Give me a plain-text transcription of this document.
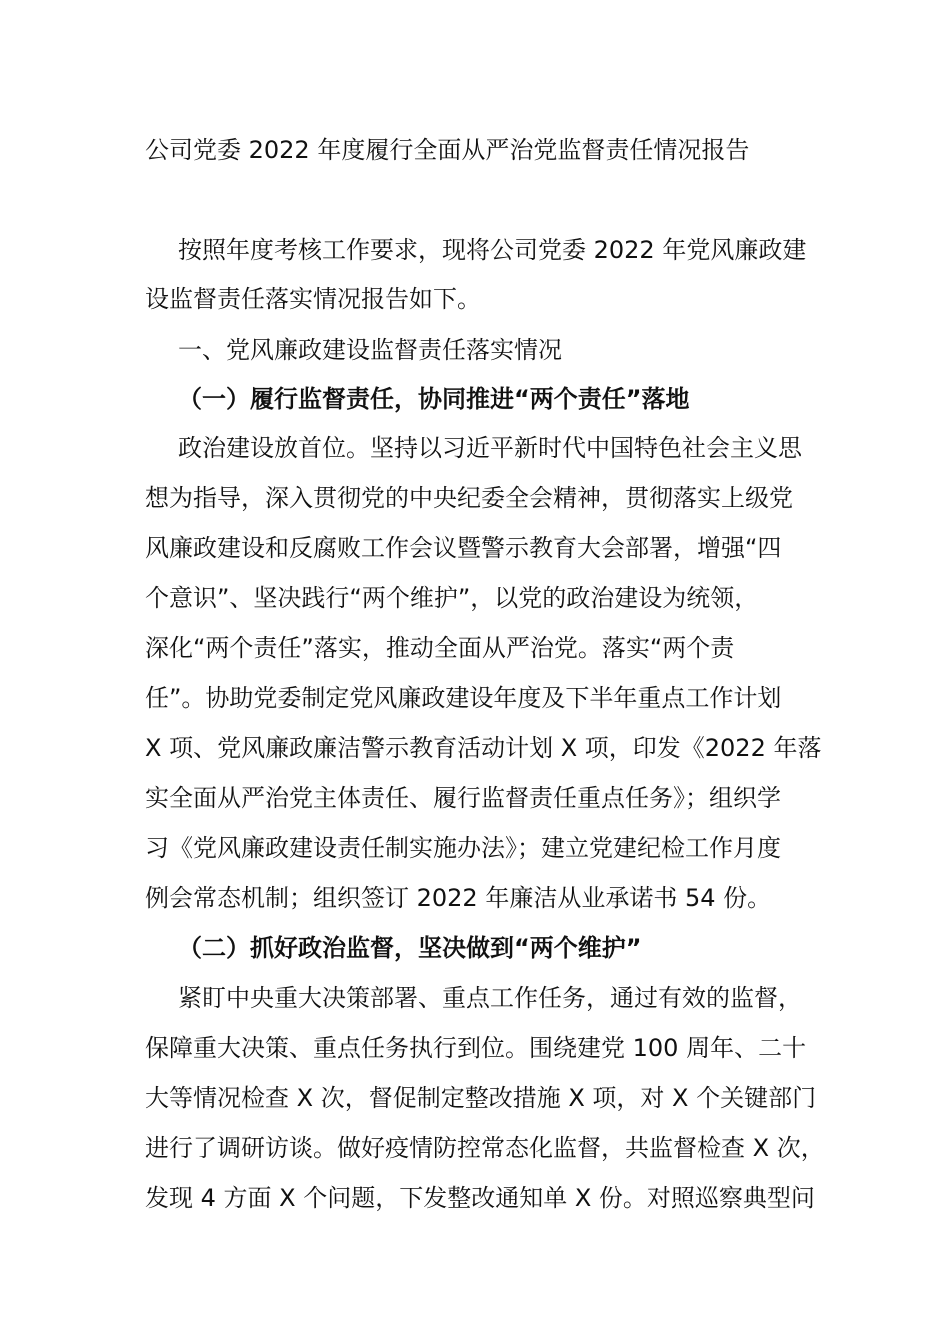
公司党委 2022 年度履行全面从严治党监督责任情况报告
按照年度考核工作要求，现将公司党委 2022 年党风廉政建
设监督责任落实情况报告如下。
一、党风廉政建设监督责任落实情况
（一）履行监督责任，协同推进“两个责任”落地
政治建设放首位。坚持以习近平新时代中国特色社会主义思
想为指导，深入贯彻党的中央纪委全会精神，贯彻落实上级党
风廉政建设和反腐败工作会议暨警示教育大会部署，增强“四
个意识”、坚决践行“两个维护”，以党的政治建设为统领，
深化“两个责任”落实，推动全面从严治党。落实“两个责
任”。协助党委制定党风廉政建设年度及下半年重点工作计划
X 项、党风廉政廉洁警示教育活动计划 X 项，印发《2022 年落
实全面从严治党主体责任、履行监督责任重点任务》；组织学
习《党风廉政建设责任制实施办法》；建立党建纪检工作月度
例会常态机制；组织签订 2022 年廉洁从业承诺书 54 份。
（二）抓好政治监督，坚决做到“两个维护”
紧盯中央重大决策部署、重点工作任务，通过有效的监督，
保障重大决策、重点任务执行到位。围绕建党 100 周年、二十
大等情况检查 X 次，督促制定整改措施 X 项，对 X 个关键部门
进行了调研访谈。做好疫情防控常态化监督，共监督检查 X 次，
发现 4 方面 X 个问题，下发整改通知单 X 份。对照巡察典型问
